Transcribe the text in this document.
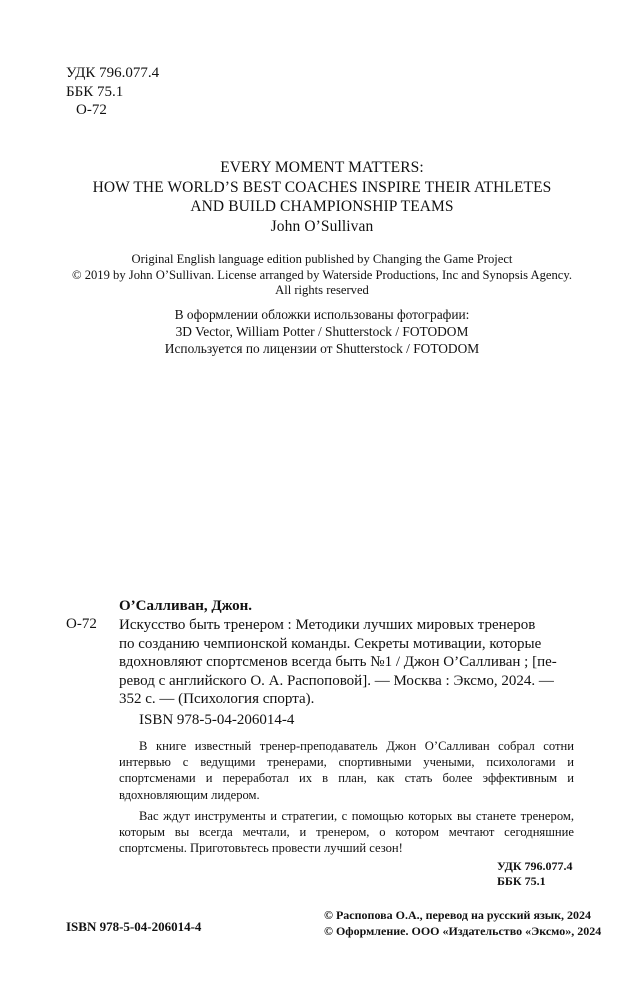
УДК 796.077.4
ББК 75.1
О-72
EVERY MOMENT MATTERS:
HOW THE WORLD’S BEST COACHES INSPIRE THEIR ATHLETES
AND BUILD CHAMPIONSHIP TEAMS
John O’Sullivan
Original English language edition published by Changing the Game Project
© 2019 by John O’Sullivan. License arranged by Waterside Productions, Inc and Synopsis Agency.
All rights reserved
В оформлении обложки использованы фотографии:
3D Vector, William Potter / Shutterstock / FOTODOM
Используется по лицензии от Shutterstock / FOTODOM
О’Салливан, Джон.
О-72 Искусство быть тренером : Методики лучших мировых тренеров
по созданию чемпионской команды. Секреты мотивации, которые
вдохновляют спортсменов всегда быть №1 / Джон О’Салливан ; [пе-
ревод с английского О. А. Распоповой]. — Москва : Эксмо, 2024. —
352 с. — (Психология спорта).
ISBN 978-5-04-206014-4

В книге известный тренер-преподаватель Джон О’Салливан собрал сотни интервью с ведущими тренерами, спортивными учеными, психологами и спортсменами и переработал их в план, как стать более эффективным и вдохновляющим лидером.

Вас ждут инструменты и стратегии, с помощью которых вы станете тренером, которым вы всегда мечтали, и тренером, о котором мечтают сегодняшние спортсмены. Приготовьтесь провести лучший сезон!

УДК 796.077.4
ББК 75.1
ISBN 978-5-04-206014-4
© Распопова О.А., перевод на русский язык, 2024
© Оформление. ООО «Издательство «Эксмо», 2024
